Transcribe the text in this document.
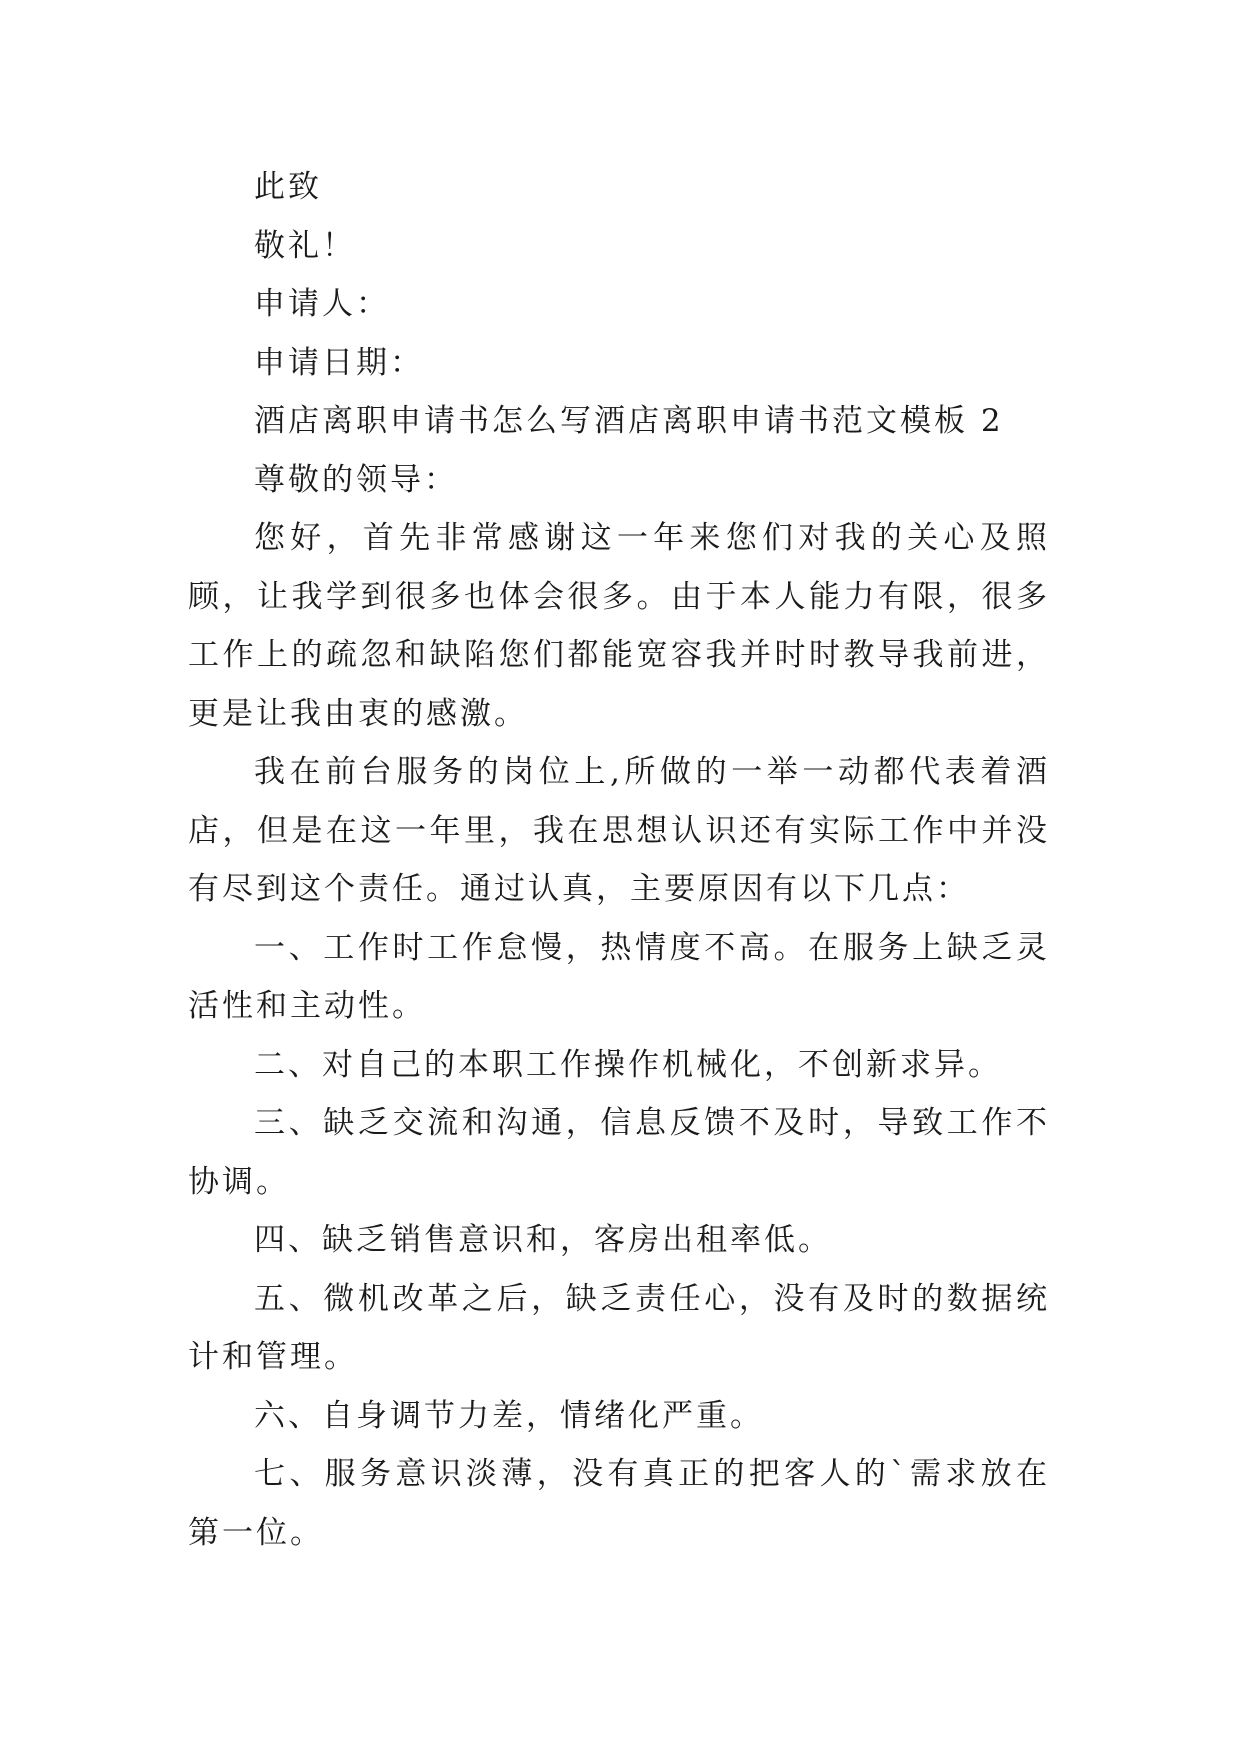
此致

敬礼！

申请人：

申请日期：

酒店离职申请书怎么写酒店离职申请书范文模板 2

尊敬的领导：

您好，首先非常感谢这一年来您们对我的关心及照顾，让我学到很多也体会很多。由于本人能力有限，很多工作上的疏忽和缺陷您们都能宽容我并时时教导我前进，更是让我由衷的感激。

我在前台服务的岗位上,所做的一举一动都代表着酒店，但是在这一年里，我在思想认识还有实际工作中并没有尽到这个责任。通过认真，主要原因有以下几点：

一、工作时工作怠慢，热情度不高。在服务上缺乏灵活性和主动性。

二、对自己的本职工作操作机械化，不创新求异。

三、缺乏交流和沟通，信息反馈不及时，导致工作不协调。

四、缺乏销售意识和，客房出租率低。

五、微机改革之后，缺乏责任心，没有及时的数据统计和管理。

六、自身调节力差，情绪化严重。

七、服务意识淡薄，没有真正的把客人的`需求放在第一位。
